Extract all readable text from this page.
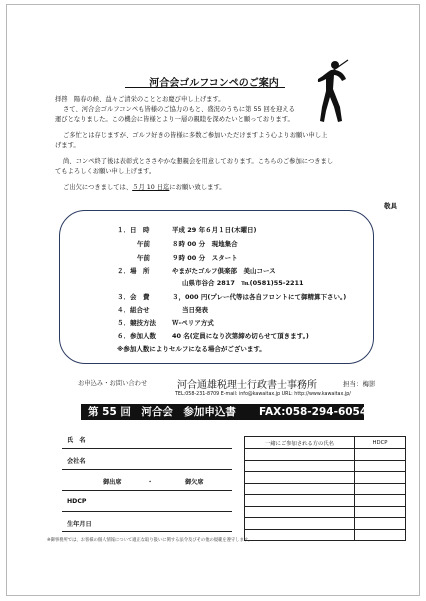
河合会ゴルフコンペのご案内
拝啓　陽春の候、益々ご清栄のこととお慶び申し上げます。
さて、河合会ゴルフコンペも皆様のご協力のもと、盛況のうちに第 55 回を迎える
運びとなりました。この機会に皆様とより一層の親睦を深めたいと願っております。
ご多忙とは存じますが、ゴルフ好きの皆様に多数ご参加いただけますよう心よりお願い申し上
げます。
尚、コンペ終了後は表彰式とささやかな懇親会を用意しております。こちらのご参加につきまし
てもよろしくお願い申し上げます。
ご出欠につきましては、５月 10 日迄にお願い致します。
敬具
１．日　時	平成 29 年６月１日(木曜日)
午前	８時 00 分　現地集合
午前	９時 00 分　スタート
２．場　所	やまがたゴルフ倶楽部　美山コース
山県市谷合 2817　℡(0581)55-2211
３．会　費	３，000 円(プレー代等は各自フロントにて御精算下さい。)
４．組合せ	当日発表
５．競技方法 Ｗ-ペリア方式
６．参加人数 40 名(定員になり次第締め切らせて頂きます。)
※参加人数によりセルフになる場合がございます。
お申込み・お問い合わせ	河合通雄税理士行政書士事務所	担当：梅影
TEL:058-231-8709 E-mail: info@kawaitax.jp URL: http://www.kawaitax.jp/
第 55 回　河合会　参加申込書 FAX:058-294-6054
氏　名
会社名
御出席	・	御欠席
HDCP
生年月日
一緒にご参加される方の氏名	HDCP

※御事務所では、お客様の個人情報について適正な取り扱いに関する法令及びその他の規範を遵守します。
